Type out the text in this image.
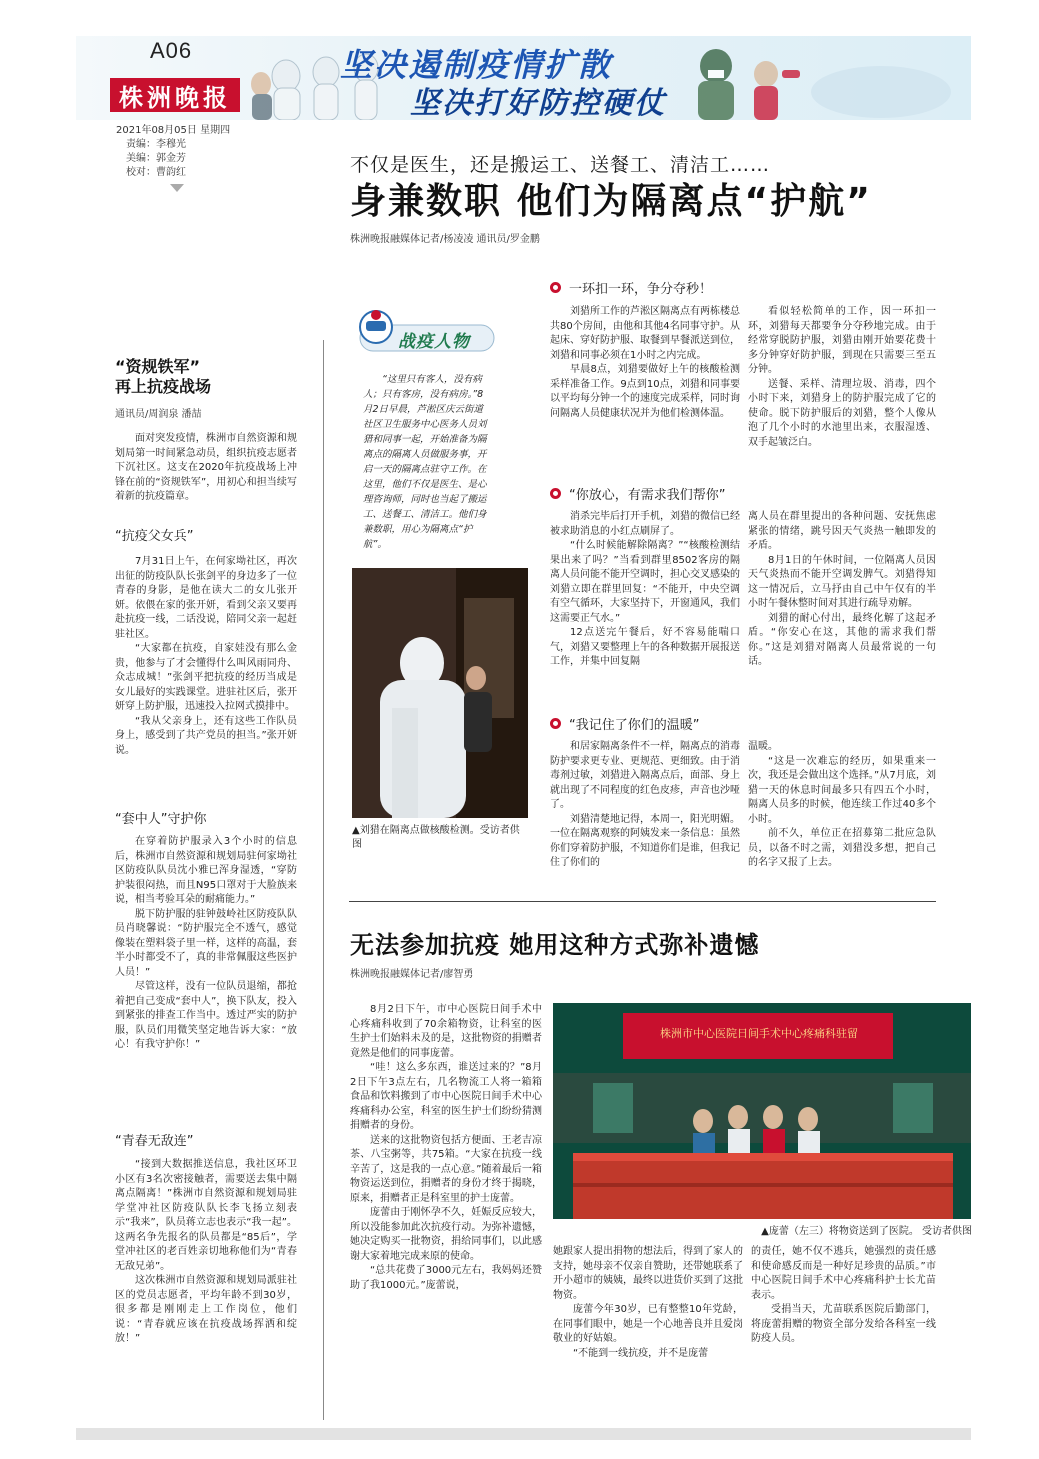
A06
株洲晚报
坚决遏制疫情扩散
坚决打好防控硬仗
2021年08月05日 星期四
责编：李穆光
美编：郭金芳
校对：曹韵红	不仅是医生，还是搬运工、送餐工、清洁工……
身兼数职 他们为隔离点“护航”
株洲晚报融媒体记者/杨凌凌 通讯员/罗金鹏
“资规铁军”
再上抗疫战场
通讯员/周润泉 潘喆

面对突发疫情，株洲市自然资源和规划局第一时间紧急动员，组织抗疫志愿者下沉社区。这支在2020年抗疫战场上冲锋在前的“资规铁军”，用初心和担当续写着新的抗疫篇章。

“抗疫父女兵”

7月31日上午，在何家坳社区，再次出征的防疫队队长张剑平的身边多了一位青春的身影，是他在读大二的女儿张开妍。依偎在家的张开妍，看到父亲又要再赴抗疫一线，二话没说，陪同父亲一起赶驻社区。

“大家都在抗疫，自家娃没有那么金贵，他参与了才会懂得什么叫风雨同舟、众志成城！”张剑平把抗疫的经历当成是女儿最好的实践课堂。进驻社区后，张开妍穿上防护服，迅速投入拉网式摸排中。

“我从父亲身上，还有这些工作队员身上，感受到了共产党员的担当。”张开妍说。

“套中人”守护你

在穿着防护服录入3个小时的信息后，株洲市自然资源和规划局驻何家坳社区防疫队队员沈小雅已浑身湿透，“穿防护装很闷热，而且N95口罩对于大脸族来说，相当考验耳朵的耐痛能力。”

脱下防护服的驻钟鼓岭社区防疫队队员肖晓馨说：“防护服完全不透气，感觉像装在塑料袋子里一样，这样的高温，套半小时都受不了，真的非常佩服这些医护人员！”

尽管这样，没有一位队员退缩，都抢着把自己变成“套中人”，换下队友，投入到紧张的排查工作当中。透过严实的防护服，队员们用微笑坚定地告诉大家：“放心！有我守护你！”

“青春无敌连”

“接到大数据推送信息，我社区环卫小区有3名次密接触者，需要送去集中隔离点隔离！”株洲市自然资源和规划局驻学堂冲社区防疫队队长李飞扬立刻表示“我来”，队员蒋立志也表示“我一起”。这两名争先报名的队员都是“85后”，学堂冲社区的老百姓亲切地称他们为“青春无敌兄弟”。

这次株洲市自然资源和规划局派驻社区的党员志愿者，平均年龄不到30岁，很多都是刚刚走上工作岗位，他们说：“青春就应该在抗疫战场挥洒和绽放！”

战疫人物

“这里只有客人，没有病人；只有客房，没有病房。”8月2日早晨，芦淞区庆云街道社区卫生服务中心医务人员刘猎和同事一起，开始准备为隔离点的隔离人员做服务事，开启一天的隔离点驻守工作。在这里，他们不仅是医生、是心理咨询师，同时也当起了搬运工、送餐工、清洁工。他们身兼数职，用心为隔离点“护航”。

▲刘猎在隔离点做核酸检测。受访者供图
一环扣一环，争分夺秒！

刘猎所工作的芦淞区隔离点有两栋楼总共80个房间，由他和其他4名同事守护。从起床、穿好防护服、取餐到早餐派送到位，刘猎和同事必须在1小时之内完成。

早晨8点，刘猎要做好上午的核酸检测采样准备工作。9点到10点，刘猎和同事要以平均每分钟一个的速度完成采样，同时询问隔离人员健康状况并为他们检测体温。

看似轻松简单的工作，因一环扣一环，刘猎每天都要争分夺秒地完成。由于经常穿脱防护服，刘猎由刚开始要花费十多分钟穿好防护服，到现在只需要三至五分钟。

送餐、采样、清理垃圾、消毒，四个小时下来，刘猎身上的防护服完成了它的使命。脱下防护服后的刘猎，整个人像从泡了几个小时的水池里出来，衣服湿透、双手起皱泛白。

“你放心，有需求我们帮你”

消杀完毕后打开手机，刘猎的微信已经被求助消息的小红点刷屏了。

“什么时候能解除隔离？”“核酸检测结果出来了吗？”当看到群里8502客房的隔离人员问能不能开空调时，担心交叉感染的刘猎立即在群里回复：“不能开，中央空调有空气循环，大家坚持下，开窗通风，我们这需要正气水。”

12点送完午餐后，好不容易能喘口气，刘猎又要整理上午的各种数据开展报送工作，并集中回复隔

离人员在群里提出的各种问题、安抚焦虑紧张的情绪，跳号因天气炎热一触即发的矛盾。

8月1日的午休时间，一位隔离人员因天气炎热而不能开空调发脾气。刘猎得知这一情况后，立马抒由自己中午仅有的半小时午餐休整时间对其进行疏导劝解。

刘猎的耐心付出，最终化解了这起矛盾。“你安心在这，其他的需求我们帮你。”这是刘猎对隔离人员最常说的一句话。

“我记住了你们的温暖”

和居家隔离条件不一样，隔离点的消毒防护要求更专业、更规范、更细致。由于消毒剂过敏，刘猎进入隔离点后，面部、身上就出现了不同程度的红色皮疹，声音也沙哑了。

刘猎清楚地记得，本周一，阳光明媚。一位在隔离观察的阿姨发来一条信息：虽然你们穿着防护服，不知道你们是谁，但我记住了你们的

温暖。

“这是一次难忘的经历，如果重来一次，我还是会做出这个选择。”从7月底，刘猎一天的休息时间最多只有四五个小时，隔离人员多的时候，他连续工作过40多个小时。

前不久，单位正在招募第二批应急队员，以备不时之需，刘猎没多想，把自己的名字又报了上去。

无法参加抗疫 她用这种方式弥补遗憾
株洲晚报融媒体记者/廖智勇

8月2日下午，市中心医院日间手术中心疼痛科收到了70余箱物资，让科室的医生护士们始料未及的是，这批物资的捐赠者竟然是他们的同事庞蕾。

“哇！这么多东西，谁送过来的？”8月2日下午3点左右，几名物流工人将一箱箱食品和饮料搬到了市中心医院日间手术中心疼痛科办公室，科室的医生护士们纷纷猜测捐赠者的身份。

送来的这批物资包括方便面、王老吉凉茶、八宝粥等，共75箱。“大家在抗疫一线辛苦了，这是我的一点心意。”随着最后一箱物资运送到位，捐赠者的身份才终于揭晓，原来，捐赠者正是科室里的护士庞蕾。

庞蕾由于刚怀孕不久，妊娠反应较大，所以没能参加此次抗疫行动。为弥补遗憾，她决定购买一批物资，捐给同事们，以此感谢大家着地完成来原的使命。

“总共花费了3000元左右，我妈妈还赞助了我1000元。”庞蕾说，

株洲市中心医院日间手术中心疼痛科驻留
▲庞蕾（左三）将物资送到了医院。 受访者供图

她跟家人提出捐物的想法后，得到了家人的支持，她母亲不仅亲自赞助，还带她联系了开小超市的姨姨，最终以进货价买到了这批物资。

庞蕾今年30岁，已有整整10年党龄，在同事们眼中，她是一个心地善良并且爱岗敬业的好姑娘。

“不能到一线抗疫，并不是庞蕾

的责任，她不仅不逃兵，她强烈的责任感和使命感反而是一种好足珍贵的品质。”市中心医院日间手术中心疼痛科护士长尤苗表示。

受捐当天，尤苗联系医院后勤部门，将庞蕾捐赠的物资全部分发给各科室一线防疫人员。
